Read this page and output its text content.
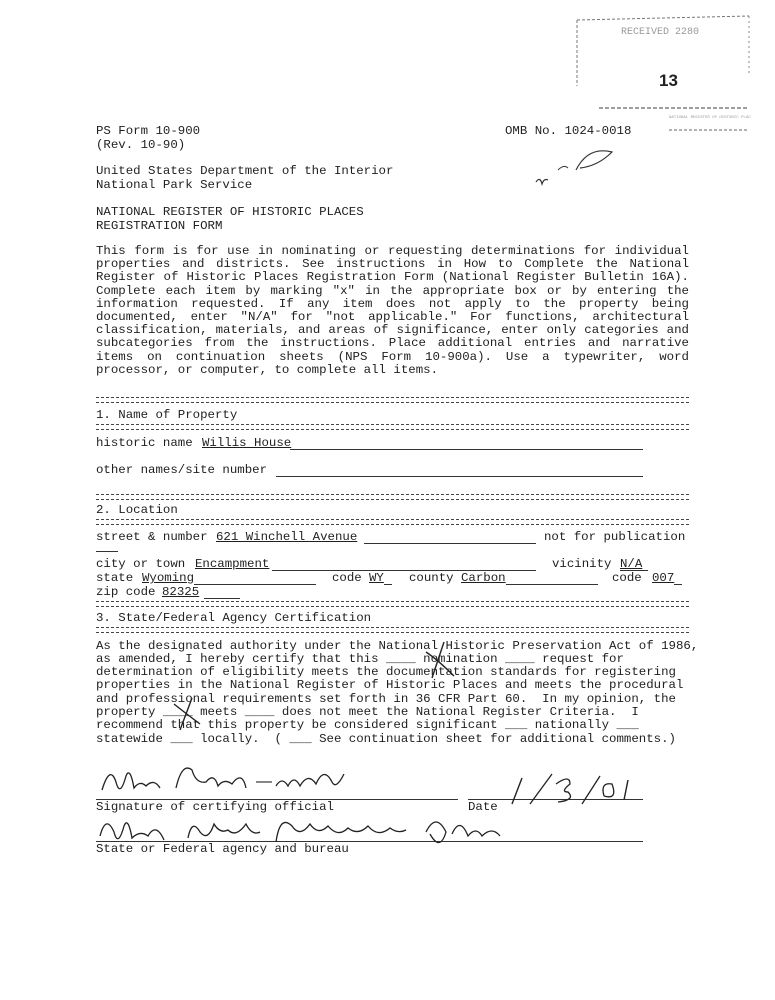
RECEIVED 2280
13
NATIONAL REGISTER OF HISTORIC PLACES
PS Form 10-900
(Rev. 10-90)
OMB No. 1024-0018
United States Department of the Interior
National Park Service
NATIONAL REGISTER OF HISTORIC PLACES
REGISTRATION FORM
This form is for use in nominating or requesting determinations for individual properties and districts. See instructions in How to Complete the National Register of Historic Places Registration Form (National Register Bulletin 16A). Complete each item by marking "x" in the appropriate box or by entering the information requested. If any item does not apply to the property being documented, enter "N/A" for "not applicable." For functions, architectural classification, materials, and areas of significance, enter only categories and subcategories from the instructions. Place additional entries and narrative items on continuation sheets (NPS Form 10-900a). Use a typewriter, word processor, or computer, to complete all items.
1. Name of Property
historic name Willis House
other names/site number
2. Location
street & number 621 Winchell Avenue	not for publication
city or town Encampment	vicinity N/A
state Wyoming	code WY county Carbon	code 007
zip code 82325
3. State/Federal Agency Certification
As the designated authority under the National Historic Preservation Act of 1986,
as amended, I hereby certify that this ____ nomination ____ request for
determination of eligibility meets the documentation standards for registering
properties in the National Register of Historic Places and meets the procedural
and professional requirements set forth in 36 CFR Part 60.  In my opinion, the
property ____ meets ____ does not meet the National Register Criteria.  I
recommend that this property be considered significant ___ nationally ___
statewide ___ locally.  ( ___ See continuation sheet for additional comments.)
Signature of certifying official	Date
State or Federal agency and bureau
